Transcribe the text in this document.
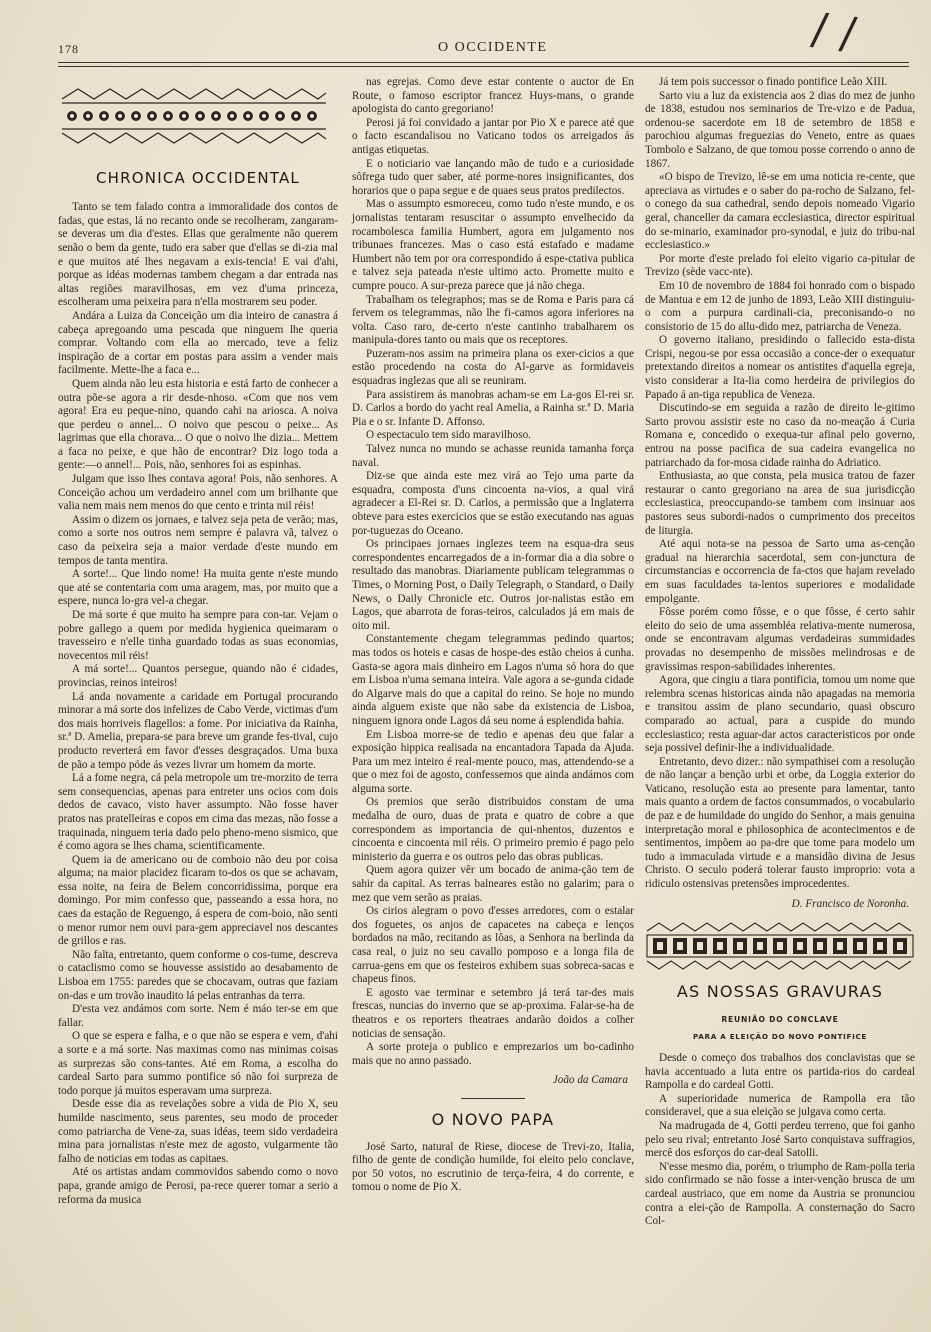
178	O OCCIDENTE	/ /
CHRONICA OCCIDENTAL

Tanto se tem falado contra a immoralidade dos contos de fadas, que estas, lá no recanto onde se recolheram, zangaram-se deveras um dia d'estes. Ellas que geralmente não querem senão o bem da gente, tudo era saber que d'ellas se di-zia mal e que muitos até lhes negavam a exis-tencia! E vai d'ahi, porque as idéas modernas tambem chegam a dar entrada nas altas regiões maravilhosas, em vez d'uma princeza, escolheram uma peixeira para n'ella mostrarem seu poder.

Andára a Luiza da Conceição um dia inteiro de canastra á cabeça apregoando uma pescada que ninguem lhe queria comprar. Voltando com ella ao mercado, teve a feliz inspiração de a cortar em postas para assim a vender mais facilmente. Mette-lhe a faca e...

Quem ainda não leu esta historia e está farto de conhecer a outra põe-se agora a rir desde-nhoso. «Com que nos vem agora! Era eu peque-nino, quando cahi na ariosca. A noiva que perdeu o annel... O noivo que pescou o peixe... As lagrimas que ella chorava... O que o noivo lhe dizia... Mettem a faca no peixe, e que hão de encontrar? Diz logo toda a gente:—o annel!... Pois, não, senhores foi as espinhas.

Julgam que isso lhes contava agora! Pois, não senhores. A Conceição achou um verdadeiro annel com um brilhante que valia nem mais nem menos do que cento e trinta mil réis!

Assim o dizem os jornaes, e talvez seja peta de verão; mas, como a sorte nos outros nem sempre é palavra vã, talvez o caso da peixeira seja a maior verdade d'este mundo em tempos de tanta mentira.

A sorte!... Que lindo nome! Ha muita gente n'este mundo que até se contentaria com uma aragem, mas, por muito que a espere, nunca lo-gra vel-a chegar.

De má sorte é que muito ha sempre para con-tar. Vejam o pobre gallego a quem por medida hygienica queimaram o travesseiro e n'elle tinha guardado todas as suas economias, novecentos mil réis!

A má sorte!... Quantos persegue, quando não é cidades, provincias, reinos inteiros!

Lá anda novamente a caridade em Portugal procurando minorar a má sorte dos infelizes de Cabo Verde, victimas d'um dos mais horriveis flagellos: a fome. Por iniciativa da Rainha, sr.ª D. Amelia, prepara-se para breve um grande fes-tival, cujo producto reverterá em favor d'esses desgraçados. Uma buxa de pão a tempo póde ás vezes livrar um homem da morte.

Lá a fome negra, cá pela metropole um tre-morzito de terra sem consequencias, apenas para entreter uns ocios com dois dedos de cavaco, visto haver assumpto. Não fosse haver pratos nas pratelleiras e copos em cima das mezas, não fosse a traquinada, ninguem teria dado pelo pheno-meno sismico, que é como agora se lhes chama, scientificamente.

Quem ia de americano ou de comboio não deu por coisa alguma; na maior placidez ficaram to-dos os que se achavam, essa noite, na feira de Belem concorridissima, porque era domingo. Por mim confesso que, passeando a essa hora, no caes da estação de Reguengo, á espera de com-boio, não senti o menor rumor nem ouvi para-gem appreciavel nos descantes de grillos e ras.

Não falta, entretanto, quem conforme o cos-tume, descreva o cataclismo como se houvesse assistido ao desabamento de Lisboa em 1755: paredes que se chocavam, outras que faziam on-das e um trovão inaudito lá pelas entranhas da terra.

D'esta vez andámos com sorte. Nem é máo ter-se em que fallar.

O que se espera e falha, e o que não se espera e vem, d'ahi a sorte e a má sorte. Nas maximas como nas minimas coisas as surprezas são cons-tantes. Até em Roma, a escolha do cardeal Sarto para summo pontifice só não foi surpreza de todo porque já muitos esperavam uma surpreza.

Desde esse dia as revelações sobre a vida de Pio X, seu humilde nascimento, seus parentes, seu modo de proceder como patriarcha de Vene-za, suas idéas, teem sido verdadeira mina para jornalistas n'este mez de agosto, vulgarmente tão falho de noticias em todas as capitaes.

Até os artistas andam commovidos sabendo como o novo papa, grande amigo de Perosi, pa-rece querer tomar a serio a reforma da musica

nas egrejas. Como deve estar contente o auctor de En Route, o famoso escriptor francez Huys-mans, o grande apologista do canto gregoriano!

Perosi já foi convidado a jantar por Pio X e parece até que o facto escandalisou no Vaticano todos os arreigados ás antigas etiquetas.

E o noticiario vae lançando mão de tudo e a curiosidade sôfrega tudo quer saber, até porme-nores insignificantes, dos horarios que o papa segue e de quaes seus pratos predilectos.

Mas o assumpto esmoreceu, como tudo n'este mundo, e os jornalistas tentaram resuscitar o assumpto envelhecido da rocambolesca familia Humbert, agora em julgamento nos tribunaes francezes. Mas o caso está estafado e madame Humbert não tem por ora correspondido á espe-ctativa publica e talvez seja pateada n'este ultimo acto. Promette muito e cumpre pouco. A sur-preza parece que já não chega.

Trabalham os telegraphos; mas se de Roma e Paris para cá fervem os telegrammas, não lhe fi-camos agora inferiores na volta. Caso raro, de-certo n'este cantinho trabalharem os manipula-dores tanto ou mais que os receptores.

Puzeram-nos assim na primeira plana os exer-cicios a que estão procedendo na costa do Al-garve as formidaveis esquadras inglezas que ali se reuniram.

Para assistirem ás manobras acham-se em La-gos El-rei sr. D. Carlos a bordo do yacht real Amelia, a Rainha sr.ª D. Maria Pia e o sr. Infante D. Affonso.

O espectaculo tem sido maravilhoso.

Talvez nunca no mundo se achasse reunida tamanha força naval.

Diz-se que ainda este mez virá ao Tejo uma parte da esquadra, composta d'uns cincoenta na-vios, a qual virá agradecer a El-Rei sr. D. Carlos, a permissão que a Inglaterra obteve para estes exercicios que se estão executando nas aguas por-tuguezas do Oceano.

Os principaes jornaes inglezes teem na esqua-dra seus correspondentes encarregados de a in-formar dia a dia sobre o resultado das manobras. Diariamente publicam telegrammas o Times, o Morning Post, o Daily Telegraph, o Standard, o Daily News, o Daily Chronicle etc. Outros jor-nalistas estão em Lagos, que abarrota de foras-teiros, calculados já em mais de oito mil.

Constantemente chegam telegrammas pedindo quartos; mas todos os hoteis e casas de hospe-des estão cheios á cunha. Gasta-se agora mais dinheiro em Lagos n'uma só hora do que em Lisboa n'uma semana inteira. Vale agora a se-gunda cidade do Algarve mais do que a capital do reino. Se hoje no mundo ainda alguem existe que não sabe da existencia de Lisboa, ninguem ignora onde Lagos dá seu nome á esplendida bahia.

Em Lisboa morre-se de tedio e apenas deu que falar a exposição hippica realisada na encantadora Tapada da Ajuda. Para um mez inteiro é real-mente pouco, mas, attendendo-se a que o mez foi de agosto, confessemos que ainda andámos com alguma sorte.

Os premios que serão distribuidos constam de uma medalha de ouro, duas de prata e quatro de cobre a que correspondem as importancia de qui-nhentos, duzentos e cincoenta e cincoenta mil réis. O primeiro premio é pago pelo ministerio da guerra e os outros pelo das obras publicas.

Quem agora quizer vêr um bocado de anima-ção tem de sahir da capital. As terras balneares estão no galarim; para o mez que vem serão as praias.

Os cirios alegram o povo d'esses arredores, com o estalar dos foguetes, os anjos de capacetes na cabeça e lenços bordados na mão, recitando as lôas, a Senhora na berlinda da casa real, o juiz no seu cavallo pomposo e a longa fila de carrua-gens em que os festeiros exhibem suas sobreca-sacas e chapeus finos.

E agosto vae terminar e setembro já terá tar-des mais frescas, nuncias do inverno que se ap-proxima. Falar-se-ha de theatros e os reporters theatraes andarão doidos a colher noticias de sensação.

A sorte proteja o publico e emprezarios um bo-cadinho mais que no anno passado.

João da Camara
O NOVO PAPA

José Sarto, natural de Riese, diocese de Trevi-zo, Italia, filho de gente de condição humilde, foi eleito pelo conclave, por 50 votos, no escrutinio de terça-feira, 4 do corrente, e tomou o nome de Pio X.

Já tem pois successor o finado pontifice Leão XIII.

Sarto viu a luz da existencia aos 2 dias do mez de junho de 1838, estudou nos seminarios de Tre-vizo e de Padua, ordenou-se sacerdote em 18 de setembro de 1858 e parochiou algumas freguezias do Veneto, entre as quaes Tombolo e Salzano, de que tomou posse correndo o anno de 1867.

«O bispo de Trevizo, lê-se em uma noticia re-cente, que apreciava as virtudes e o saber do pa-rocho de Salzano, fel-o conego da sua cathedral, sendo depois nomeado Vigario geral, chanceller da camara ecclesiastica, director espiritual do se-minario, examinador pro-synodal, e juiz do tribu-nal ecclesiastico.»

Por morte d'este prelado foi eleito vigario ca-pitular de Trevizo (sède vacc-nte).

Em 10 de novembro de 1884 foi honrado com o bispado de Mantua e em 12 de junho de 1893, Leão XIII distinguiu-o com a purpura cardinali-cia, preconisando-o no consistorio de 15 do allu-dido mez, patriarcha de Veneza.

O governo italiano, presidindo o fallecido esta-dista Crispi, negou-se por essa occasião a conce-der o exequatur pretextando direitos a nomear os antistites d'aquella egreja, visto considerar a Ita-lia como herdeira de privilegios do Papado á an-tiga republica de Veneza.

Discutindo-se em seguida a razão de direito le-gitimo Sarto provou assistir este no caso da no-meação á Curia Romana e, concedido o exequa-tur afinal pelo governo, entrou na posse pacifica de sua cadeira evangelica no patriarchado da for-mosa cidade rainha do Adriatico.

Enthusiasta, ao que consta, pela musica tratou de fazer restaurar o canto gregoriano na area de sua jurisdicção ecclesiastica, preoccupando-se tambem com insinuar aos pastores seus subordi-nados o cumprimento dos preceitos de liturgia.

Até aqui nota-se na pessoa de Sarto uma as-cenção gradual na hierarchia sacerdotal, sem con-junctura de circumstancias e occorrencia de fa-ctos que hajam revelado em suas faculdades ta-lentos superiores e modalidade empolgante.

Fôsse porém como fôsse, e o que fôsse, é certo sahir eleito do seio de uma assembléa relativa-mente numerosa, onde se encontravam algumas verdadeiras summidades provadas no desempenho de missões melindrosas e de gravissimas respon-sabilidades inherentes.

Agora, que cingiu a tiara pontificia, tomou um nome que relembra scenas historicas ainda não apagadas na memoria e transitou assim de plano secundario, quasi obscuro comparado ao actual, para a cuspide do mundo ecclesiastico; resta aguar-dar actos caracteristicos por onde seja possivel definir-lhe a individualidade.

Entretanto, devo dizer.: não sympathisei com a resolução de não lançar a benção urbi et orbe, da Loggia exterior do Vaticano, resolução esta ao presente para lamentar, tanto mais quanto a ordem de factos consummados, o vocabulario de paz e de humildade do ungido do Senhor, a mais genuina interpretação moral e philosophica de acontecimentos e de sentimentos, impõem ao pa-dre que tome para modelo um tudo a immaculada virtude e a mansidão divina de Jesus Christo. O seculo poderá tolerar fausto improprio: vota a ridiculo ostensivas pretensões improcedentes.

D. Francisco de Noronha.
AS NOSSAS GRAVURAS
REUNIÃO DO CONCLAVE
PARA A ELEIÇÃO DO NOVO PONTIFICE

Desde o começo dos trabalhos dos conclavistas que se havia accentuado a luta entre os partida-rios do cardeal Rampolla e do cardeal Gotti.

A superioridade numerica de Rampolla era tão consideravel, que a sua eleição se julgava como certa.

Na madrugada de 4, Gotti perdeu terreno, que foi ganho pelo seu rival; entretanto José Sarto conquistava suffragios, mercê dos esforços do car-deal Satolli.

N'esse mesmo dia, porém, o triumpho de Ram-polla teria sido confirmado se não fosse a inter-venção brusca de um cardeal austriaco, que em nome da Austria se pronunciou contra a elei-ção de Rampolla. A consternação do Sacro Col-
